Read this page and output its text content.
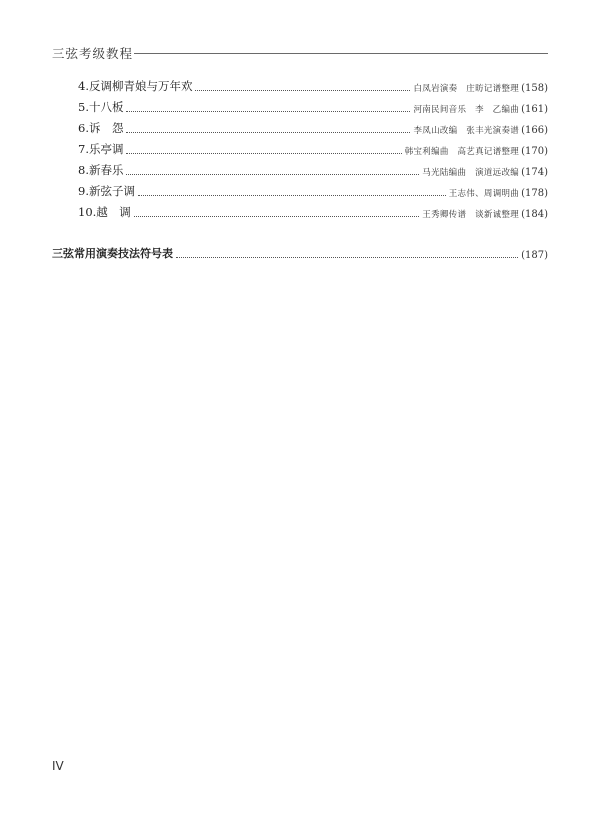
三弦考级教程
4.反调柳青娘与万年欢	白凤岩演奏　庄昉记谱整理 (158)
5.十八板	河南民间音乐　李　乙编曲 (161)
6.诉　怨	李凤山改编　张丰光演奏谱 (166)
7.乐亭调	韩宝利编曲　高艺真记谱整理 (170)
8.新春乐	马光陆编曲　演道远改编 (174)
9.新弦子调	王志伟、周调明曲 (178)
10.越　调	王秀卿传谱　谈新诚整理 (184)
三弦常用演奏技法符号表	(187)
IV
